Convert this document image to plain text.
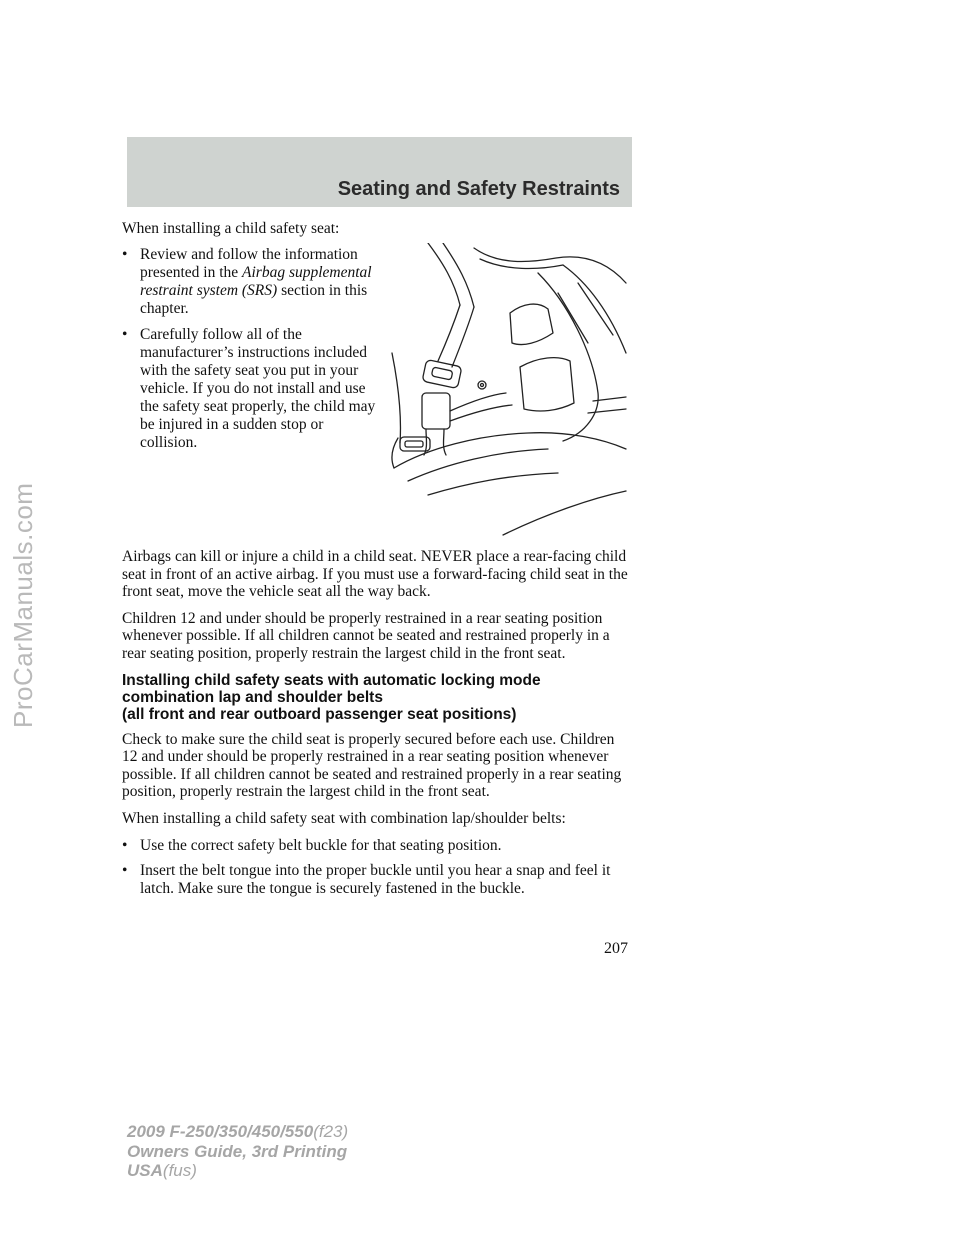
Seating and Safety Restraints
ProCarManuals.com

When installing a child safety seat:

• Review and follow the information presented in the Airbag supplemental restraint system (SRS) section in this chapter.
• Carefully follow all of the manufacturer’s instructions included with the safety seat you put in your vehicle. If you do not install and use the safety seat properly, the child may be injured in a sudden stop or collision.

Airbags can kill or injure a child in a child seat. NEVER place a rear-facing child seat in front of an active airbag. If you must use a forward-facing child seat in the front seat, move the vehicle seat all the way back.

Children 12 and under should be properly restrained in a rear seating position whenever possible. If all children cannot be seated and restrained properly in a rear seating position, properly restrain the largest child in the front seat.

Installing child safety seats with automatic locking mode
combination lap and shoulder belts
(all front and rear outboard passenger seat positions)

Check to make sure the child seat is properly secured before each use. Children 12 and under should be properly restrained in a rear seating position whenever possible. If all children cannot be seated and restrained properly in a rear seating position, properly restrain the largest child in the front seat.

When installing a child safety seat with combination lap/shoulder belts:

• Use the correct safety belt buckle for that seating position.
• Insert the belt tongue into the proper buckle until you hear a snap and feel it latch. Make sure the tongue is securely fastened in the buckle.
207
2009 F-250/350/450/550(f23)
Owners Guide, 3rd Printing
USA(fus)
